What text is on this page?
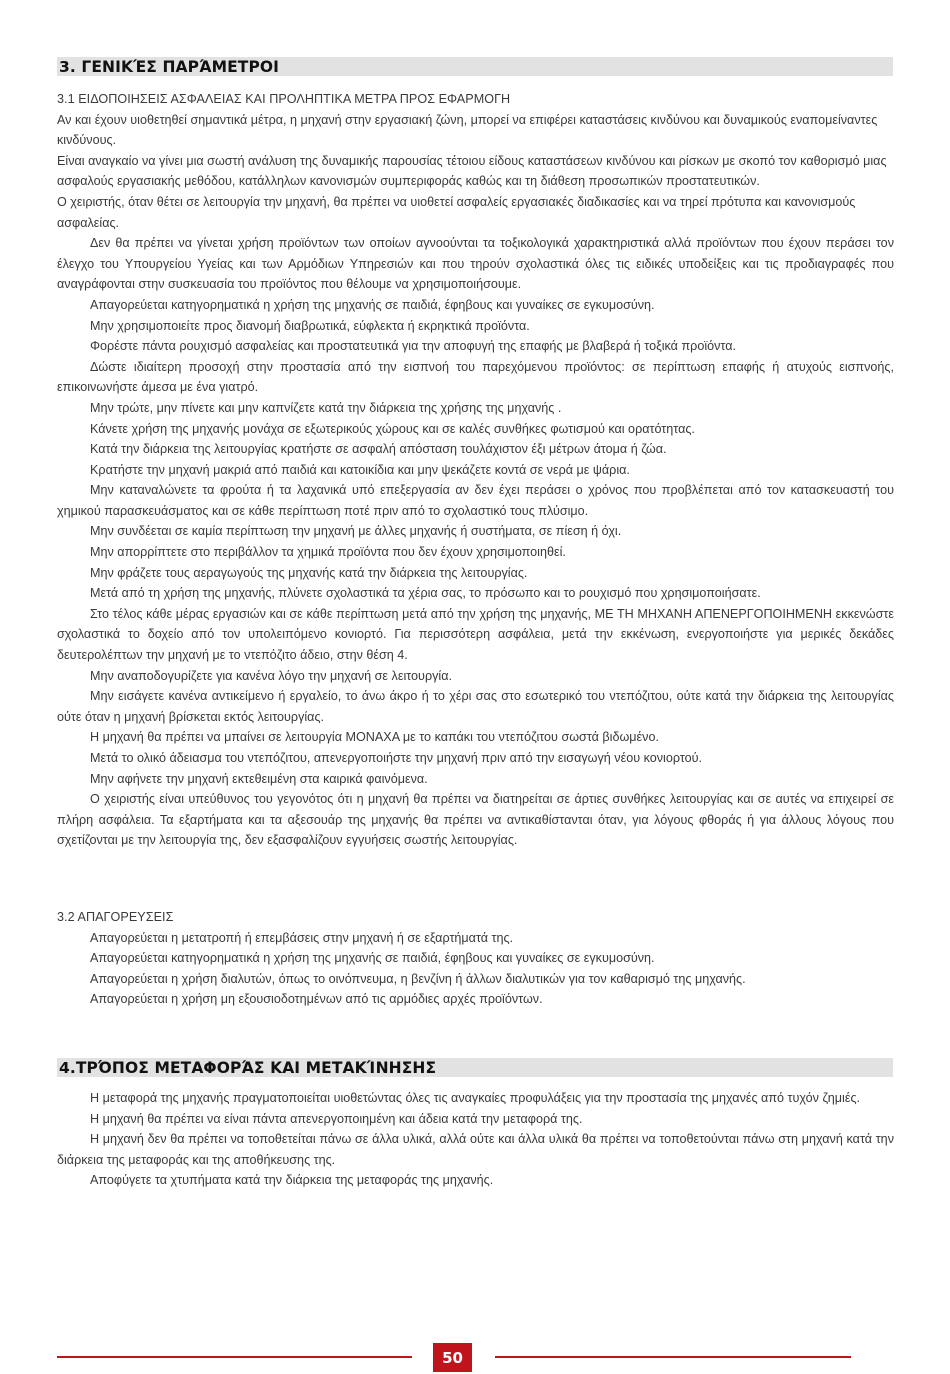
3. ΓΕΝΙΚΈΣ ΠΑΡΆΜΕΤΡΟΙ

3.1 ΕΙΔΟΠΟΙΗΣΕΙΣ ΑΣΦΑΛΕΙΑΣ ΚΑΙ ΠΡΟΛΗΠΤΙΚΑ ΜΕΤΡΑ ΠΡΟΣ ΕΦΑΡΜΟΓΗ

Αν και έχουν υιοθετηθεί σημαντικά μέτρα, η μηχανή στην εργασιακή ζώνη, μπορεί να επιφέρει καταστάσεις κινδύνου και δυναμικούς εναπομείναντες κινδύνους.

Είναι αναγκαίο να γίνει μια σωστή ανάλυση της δυναμικής παρουσίας τέτοιου είδους καταστάσεων κινδύνου και ρίσκων με σκοπό τον καθορισμό μιας ασφαλούς εργασιακής μεθόδου, κατάλληλων κανονισμών συμπεριφοράς καθώς και τη διάθεση προσωπικών προστατευτικών.

Ο χειριστής, όταν θέτει σε λειτουργία την μηχανή, θα πρέπει να υιοθετεί ασφαλείς εργασιακές διαδικασίες και να τηρεί πρότυπα και κανονισμούς ασφαλείας.

Δεν θα πρέπει να γίνεται χρήση προϊόντων των οποίων αγνοούνται τα τοξικολογικά χαρακτηριστικά αλλά προϊόντων που έχουν περάσει τον έλεγχο του Υπουργείου Υγείας και των Αρμόδιων Υπηρεσιών και που τηρούν σχολαστικά όλες τις ειδικές υποδείξεις και τις προδιαγραφές που αναγράφονται στην συσκευασία του προϊόντος που θέλουμε να χρησιμοποιήσουμε.

Απαγορεύεται κατηγορηματικά η χρήση της μηχανής σε παιδιά, έφηβους και γυναίκες σε εγκυμοσύνη.

Μην χρησιμοποιείτε προς διανομή διαβρωτικά, εύφλεκτα ή εκρηκτικά προϊόντα.

Φορέστε πάντα ρουχισμό ασφαλείας και προστατευτικά για την αποφυγή της επαφής με βλαβερά ή τοξικά προϊόντα.

Δώστε ιδιαίτερη προσοχή στην προστασία από την εισπνοή του παρεχόμενου προϊόντος: σε περίπτωση επαφής ή ατυχούς εισπνοής, επικοινωνήστε άμεσα με ένα γιατρό.

Μην τρώτε, μην πίνετε και μην καπνίζετε κατά την διάρκεια της χρήσης της μηχανής .

Κάνετε χρήση της μηχανής μονάχα σε εξωτερικούς χώρους και σε καλές συνθήκες φωτισμού και ορατότητας.

Κατά την διάρκεια της λειτουργίας κρατήστε σε ασφαλή απόσταση τουλάχιστον έξι μέτρων άτομα ή ζώα.

Κρατήστε την μηχανή μακριά από παιδιά και κατοικίδια και μην ψεκάζετε κοντά σε νερά με ψάρια.

Μην καταναλώνετε τα φρούτα ή τα λαχανικά υπό επεξεργασία αν δεν έχει περάσει ο χρόνος που προβλέπεται από τον κατασκευαστή του χημικού παρασκευάσματος και σε κάθε περίπτωση ποτέ πριν από το σχολαστικό τους πλύσιμο.

Μην συνδέεται σε καμία περίπτωση την μηχανή με άλλες μηχανής ή συστήματα, σε πίεση ή όχι.

Μην απορρίπτετε στο περιβάλλον τα χημικά προϊόντα που δεν έχουν χρησιμοποιηθεί.

Μην φράζετε τους αεραγωγούς της μηχανής κατά την διάρκεια της λειτουργίας.

Μετά από τη χρήση της μηχανής, πλύνετε σχολαστικά τα χέρια σας, το πρόσωπο και το ρουχισμό που χρησιμοποιήσατε.

Στο τέλος κάθε μέρας εργασιών και σε κάθε περίπτωση μετά από την χρήση της μηχανής, ΜΕ ΤΗ ΜΗΧΑΝΗ ΑΠΕΝΕΡΓΟΠΟΙΗΜΕΝΗ εκκενώστε σχολαστικά το δοχείο από τον υπολειπόμενο κονιορτό. Για περισσότερη ασφάλεια, μετά την εκκένωση, ενεργοποιήστε για μερικές δεκάδες δευτερολέπτων την μηχανή με το ντεπόζιτο άδειο, στην θέση 4.

Μην αναποδογυρίζετε για κανένα λόγο την μηχανή σε λειτουργία.

Μην εισάγετε κανένα αντικείμενο ή εργαλείο, το άνω άκρο ή το χέρι σας στο εσωτερικό του ντεπόζιτου, ούτε κατά την διάρκεια της λειτουργίας ούτε όταν η μηχανή βρίσκεται εκτός λειτουργίας.

Η μηχανή θα πρέπει να μπαίνει σε λειτουργία ΜΟΝΑΧΑ με το καπάκι του ντεπόζιτου σωστά βιδωμένο.

Μετά το ολικό άδειασμα του ντεπόζιτου, απενεργοποιήστε την μηχανή πριν από την εισαγωγή νέου κονιορτού.

Μην αφήνετε την μηχανή εκτεθειμένη στα καιρικά φαινόμενα.

Ο χειριστής είναι υπεύθυνος του γεγονότος ότι η μηχανή θα πρέπει να διατηρείται σε άρτιες συνθήκες λειτουργίας και σε αυτές να επιχειρεί σε πλήρη ασφάλεια. Τα εξαρτήματα και τα αξεσουάρ της μηχανής θα πρέπει να αντικαθίστανται όταν, για λόγους φθοράς ή για άλλους λόγους που σχετίζονται με την λειτουργία της, δεν εξασφαλίζουν εγγυήσεις σωστής λειτουργίας.

3.2 ΑΠΑΓΟΡΕΥΣΕΙΣ

Απαγορεύεται η μετατροπή ή επεμβάσεις στην μηχανή ή σε εξαρτήματά της.

Απαγορεύεται κατηγορηματικά η χρήση της μηχανής σε παιδιά, έφηβους και γυναίκες σε εγκυμοσύνη.

Απαγορεύεται η χρήση διαλυτών, όπως το οινόπνευμα, η βενζίνη ή άλλων διαλυτικών για τον καθαρισμό της μηχανής.

Απαγορεύεται η χρήση μη εξουσιοδοτημένων από τις αρμόδιες αρχές προϊόντων.

4.ΤΡΌΠΟΣ ΜΕΤΑΦΟΡΆΣ ΚΑΙ ΜΕΤΑΚΊΝΗΣΗΣ

Η μεταφορά της μηχανής πραγματοποιείται υιοθετώντας όλες τις αναγκαίες προφυλάξεις για την προστασία της μηχανές από τυχόν ζημιές.

Η μηχανή θα πρέπει να είναι πάντα απενεργοποιημένη και άδεια κατά την μεταφορά της.

Η μηχανή δεν θα πρέπει να τοποθετείται πάνω σε άλλα υλικά, αλλά ούτε και άλλα υλικά θα πρέπει να τοποθετούνται πάνω στη μηχανή κατά την διάρκεια της μεταφοράς και της αποθήκευσης της.

Αποφύγετε τα χτυπήματα κατά την διάρκεια της μεταφοράς της μηχανής.

50
